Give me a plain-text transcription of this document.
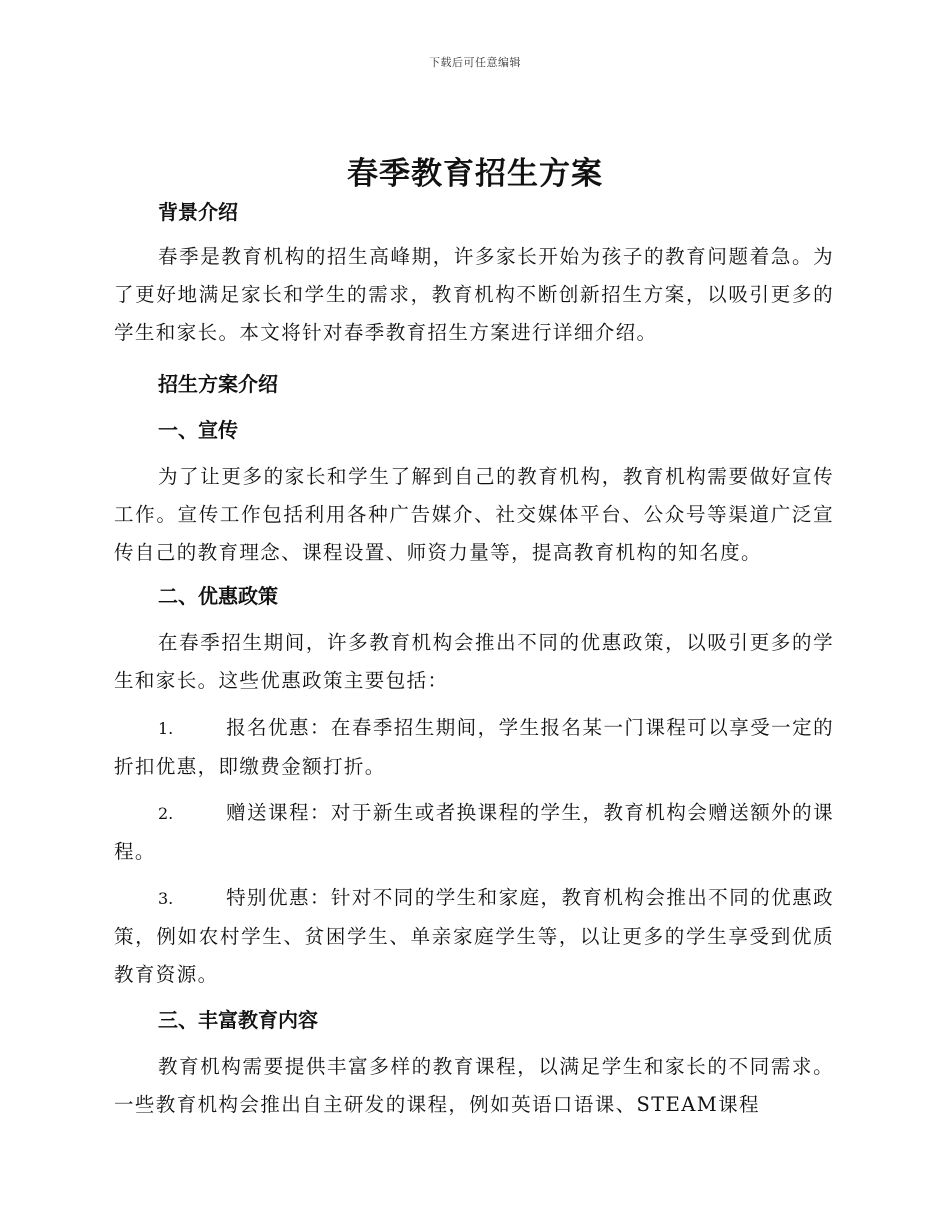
下载后可任意编辑
春季教育招生方案

背景介绍

春季是教育机构的招生高峰期，许多家长开始为孩子的教育问题着急。为了更好地满足家长和学生的需求，教育机构不断创新招生方案，以吸引更多的学生和家长。本文将针对春季教育招生方案进行详细介绍。

招生方案介绍

一、宣传

为了让更多的家长和学生了解到自己的教育机构，教育机构需要做好宣传工作。宣传工作包括利用各种广告媒介、社交媒体平台、公众号等渠道广泛宣传自己的教育理念、课程设置、师资力量等，提高教育机构的知名度。

二、优惠政策

在春季招生期间，许多教育机构会推出不同的优惠政策，以吸引更多的学生和家长。这些优惠政策主要包括：

1.	报名优惠：在春季招生期间，学生报名某一门课程可以享受一定的折扣优惠，即缴费金额打折。

2.	赠送课程：对于新生或者换课程的学生，教育机构会赠送额外的课程。

3.	特别优惠：针对不同的学生和家庭，教育机构会推出不同的优惠政策，例如农村学生、贫困学生、单亲家庭学生等，以让更多的学生享受到优质教育资源。

三、丰富教育内容

教育机构需要提供丰富多样的教育课程，以满足学生和家长的不同需求。一些教育机构会推出自主研发的课程，例如英语口语课、STEAM课程
